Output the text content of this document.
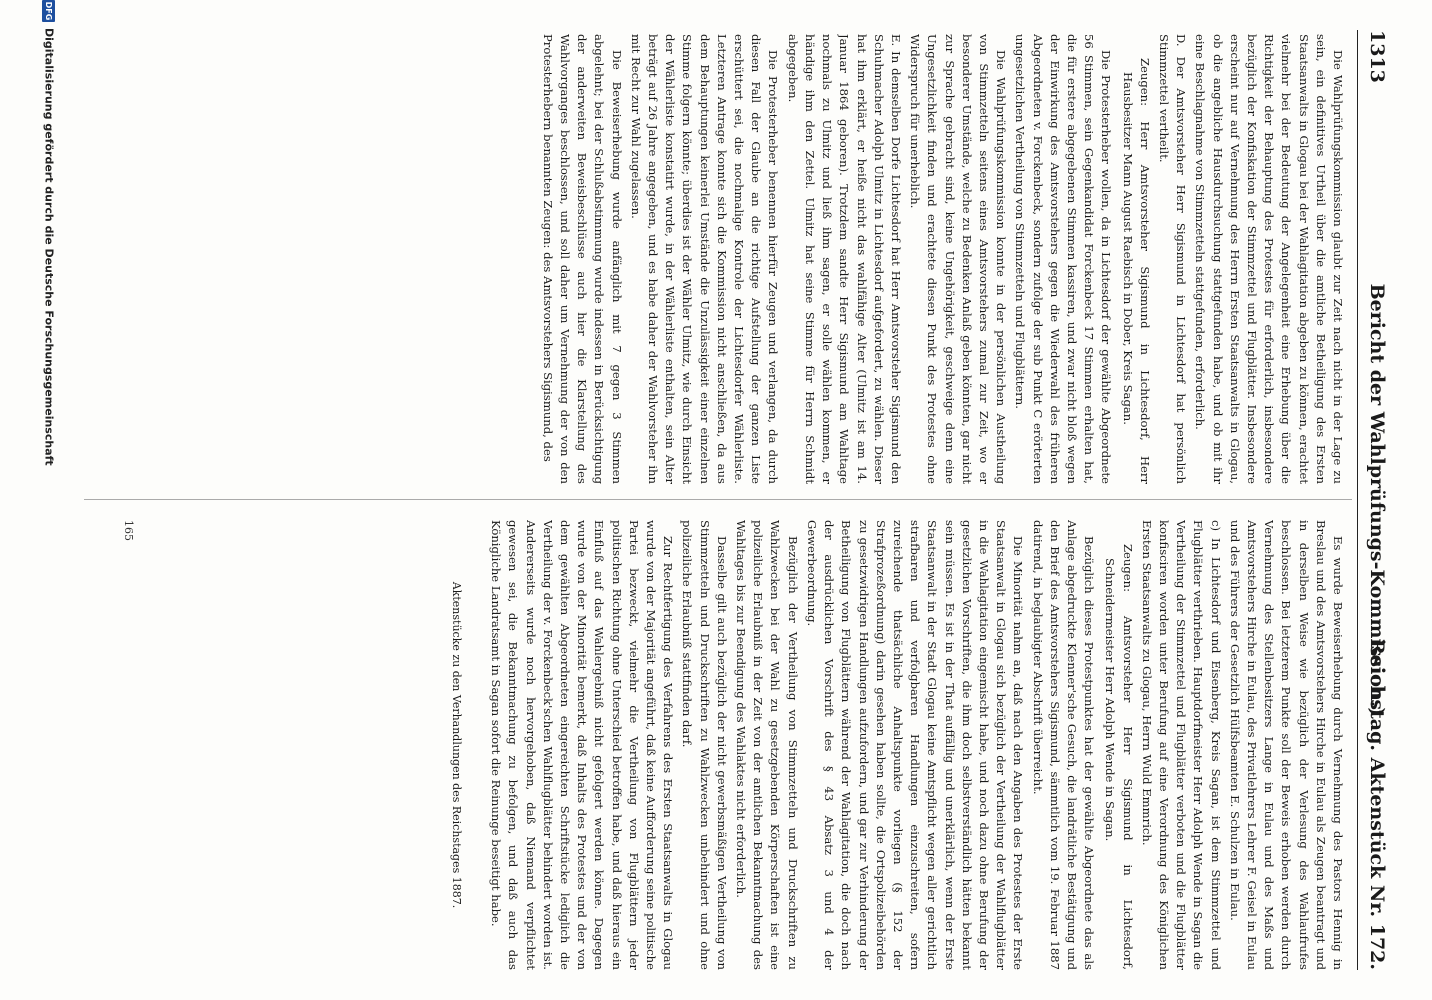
1313
Bericht der Wahlprüfungs-Kommission.)
Reichstag. Aktenstück Nr. 172.

Die Wahlprüfungskommission glaubt zur Zeit nach nicht in der Lage zu sein, ein definitives Urtheil über die amtliche Betheiligung des Ersten Staatsanwalts in Glogau bei der Wahlagitation abgeben zu können, erachtet vielmehr bei der Bedeutung der Angelegenheit eine Erhebung über die Richtigkeit der Behauptung des Protestes für erforderlich, insbesondere bezüglich der Konfiskation der Stimmzettel und Flugblätter. Insbesondere erscheint nur auf Vernehmung des Herrn Ersten Staatsanwalts in Glogau, ob die angebliche Hausdurchsuchung stattgefunden habe, und ob mit ihr eine Beschlagnahme von Stimmzetteln stattgefunden, erforderlich.

D. Der Amtsvorsteher Herr Sigismund in Lichtesdorf hat persönlich Stimmzettel vertheilt.

Zeugen: Herr Amtsvorsteher Sigismund in Lichtesdorf, Herr Hausbesitzer Mann August Raebisch in Dober, Kreis Sagan.

Die Protesterheber wollen, da in Lichtesdorf der gewählte Abgeordnete 56 Stimmen, sein Gegenkandidat Forckenbeck 17 Stimmen erhalten hat, die für erstere abgegebenen Stimmen kassiren, und zwar nicht bloß wegen der Einwirkung des Amtsvorstehers gegen die Wiederwahl des früheren Abgeordneten v. Forckenbeck, sondern zufolge der sub Punkt C erörterten ungesetzlichen Vertheilung von Stimmzetteln und Flugblättern.

Die Wahlprüfungskommission konnte in der persönlichen Austheilung von Stimmzetteln seitens eines Amtsvorstehers zumal zur Zeit, wo er besonderer Umstände, welche zu Bedenken Anlaß geben könnten, gar nicht zur Sprache gebracht sind, keine Ungehörigkeit, geschweige denn eine Ungesetzlichkeit finden und erachtete diesen Punkt des Protestes ohne Widerspruch für unerheblich.

E. In demselben Dorfe Lichtesdorf hat Herr Amtsvorsteher Sigismund den Schuhmacher Adolph Ulmitz in Lichtesdorf aufgefordert, zu wählen. Dieser hat ihm erklärt, er heiße nicht das wahlfähige Alter (Ulmitz ist am 14. Januar 1864 geboren). Trotzdem sandte Herr Sigismund am Wahltage nochmals zu Ulmitz und ließ ihm sagen, er solle wählen kommen, er händige ihm den Zettel. Ulmitz hat seine Stimme für Herrn Schmidt abgegeben.

Die Protesterheber benennen hierfür Zeugen und verlangen, da durch diesen Fall der Glaube an die richtige Aufstellung der ganzen Liste erschüttert sei, die nochmalige Kontrole der Lichtesdorfer Wählerliste. Letzteren Antrage konnte sich die Kommission nicht anschließen, da aus dem Behauptungen keinerlei Umstände die Unzulässigkeit einer einzelnen Stimme folgern könnte; überdies ist der Wähler Ulmitz, wie durch Einsicht der Wählerliste konstatirt wurde, in der Wählerliste enthalten, sein Alter beträgt auf 26 Jahre angegeben, und es habe daher der Wahlvorsteher ihn mit Recht zur Wahl zugelassen.

Die Beweiserhebung wurde anfänglich mit 7 gegen 3 Stimmen abgelehnt; bei der Schlußabstimmung wurde indessen in Berücksichtigung der anderweiten Beweisbeschlüsse auch hier die Klarstellung des Wahlvorganges beschlossen, und soll daher um Vernehmung der von den Protesterhebern benannten Zeugen: des Amtsvorstehers Sigismund, des

Es wurde Beweiserhebung durch Vernehmung des Pastors Hennig in Breslau und des Amtsvorstehers Hirche in Eulau als Zeugen beantragt und in derselben Weise wie bezüglich der Verlesung des Wahlaufrufes beschlossen. Bei letzterem Punkte soll der Beweis erhoben werden durch Vernehmung des Stellenbesitzers Lange in Eulau und des Maßs und Amtsvorstehers Hirche in Eulau, des Privatlehrers Lehrer F. Geisel in Eulau und des Führers der Gesetzlich Hülfsbeamten E. Schulzen in Eulau.

c) In Lichtesdorf und Eisenberg, Kreis Sagan, ist dem Stimmzettel und Flugblätter verthrieben. Hauptdorfmeister Herr Adolph Wende in Sagan die Vertheilung der Stimmzettel und Flugblätter verboten und die Flugblätter konfisciren worden unter Berufung auf eine Verordnung des Königlichen Ersten Staatsanwalts zu Glogau, Herrn Wuld Emmrich.

Zeugen: Amtsvorsteher Herr Sigismund in Lichtesdorf, Schneidermeister Herr Adolph Wende in Sagan.

Bezüglich dieses Protestpunktes hat der gewählte Abgeordnete das als Anlage abgedruckte Klenner'sche Gesuch, die landrätliche Bestätigung und den Brief des Amtsvorstehers Sigismund, sämmtlich vom 19. Februar 1887 datirend, in beglaubigter Abschrift überreicht.

Die Minorität nahm an, daß nach den Angaben des Protestes der Erste Staatsanwalt in Glogau sich bezüglich der Vertheilung der Wahlflugblätter in die Wahlagitation eingemischt habe, und noch dazu ohne Berufung der gesetzlichen Vorschriften, die ihm doch selbstverständlich hätten bekannt sein müssen. Es ist in der That auffällig und unerklärlich, wenn der Erste Staatsanwalt in der Stadt Glogau keine Amtspflicht wegen aller gerichtlich strafbaren und verfolgbaren Handlungen einzuschreiten, sofern zureichende thatsächliche Anhaltspunkte vorliegen (§ 152 der Strafprozeßordnung) darin gesehen haben sollte, die Ortspolizeibehörden zu gesetzwidrigen Handlungen aufzufordern, und gar zur Verhinderung der Betheiligung von Flugblättern während der Wahlagitation, die doch nach der ausdrücklichen Vorschrift des § 43 Absatz 3 und 4 der Gewerbeordnung.

Bezüglich der Vertheilung von Stimmzetteln und Druckschriften zu Wahlzwecken bei der Wahl zu gesetzgebenden Körperschaften ist eine polizeiliche Erlaubniß in der Zeit von der amtlichen Bekanntmachung des Wahltages bis zur Beendigung des Wahlaktes nicht erforderlich.

Dasselbe gilt auch bezüglich der nicht gewerbsmäßigen Vertheilung von Stimmzetteln und Druckschriften zu Wahlzwecken unbehindert und ohne polizeiliche Erlaubniß stattfinden darf.

Zur Rechtfertigung des Verfahrens des Ersten Staatsanwalts in Glogau wurde von der Majorität angeführt, daß keine Aufforderung seine politische Partei bezweckt, vielmehr die Vertheilung von Flugblättern jeder politischen Richtung ohne Unterschied betroffen habe, und daß hieraus ein Einfluß auf das Wahlergebniß nicht gefolgert werden könne. Dagegen wurde von der Minorität bemerkt, daß Inhalts des Protestes und der von dem gewählten Abgeordneten eingereichten Schriftstücke lediglich die Vertheilung der v. Forckenbeck'schen Wahlflugblätter behindert worden ist. Andererseits wurde noch hervorgehoben, daß Niemand verpflichtet gewesen sei, die Bekanntmachung zu befolgen, und daß auch das Königliche Landratsamt in Sagan sofort die Reinunge beseitigt habe.

Aktenstücke zu den Verhandlungen des Reichstages 1887.

165
DFGDigitalisierung gefördert durch die Deutsche Forschungsgemeinschaft
